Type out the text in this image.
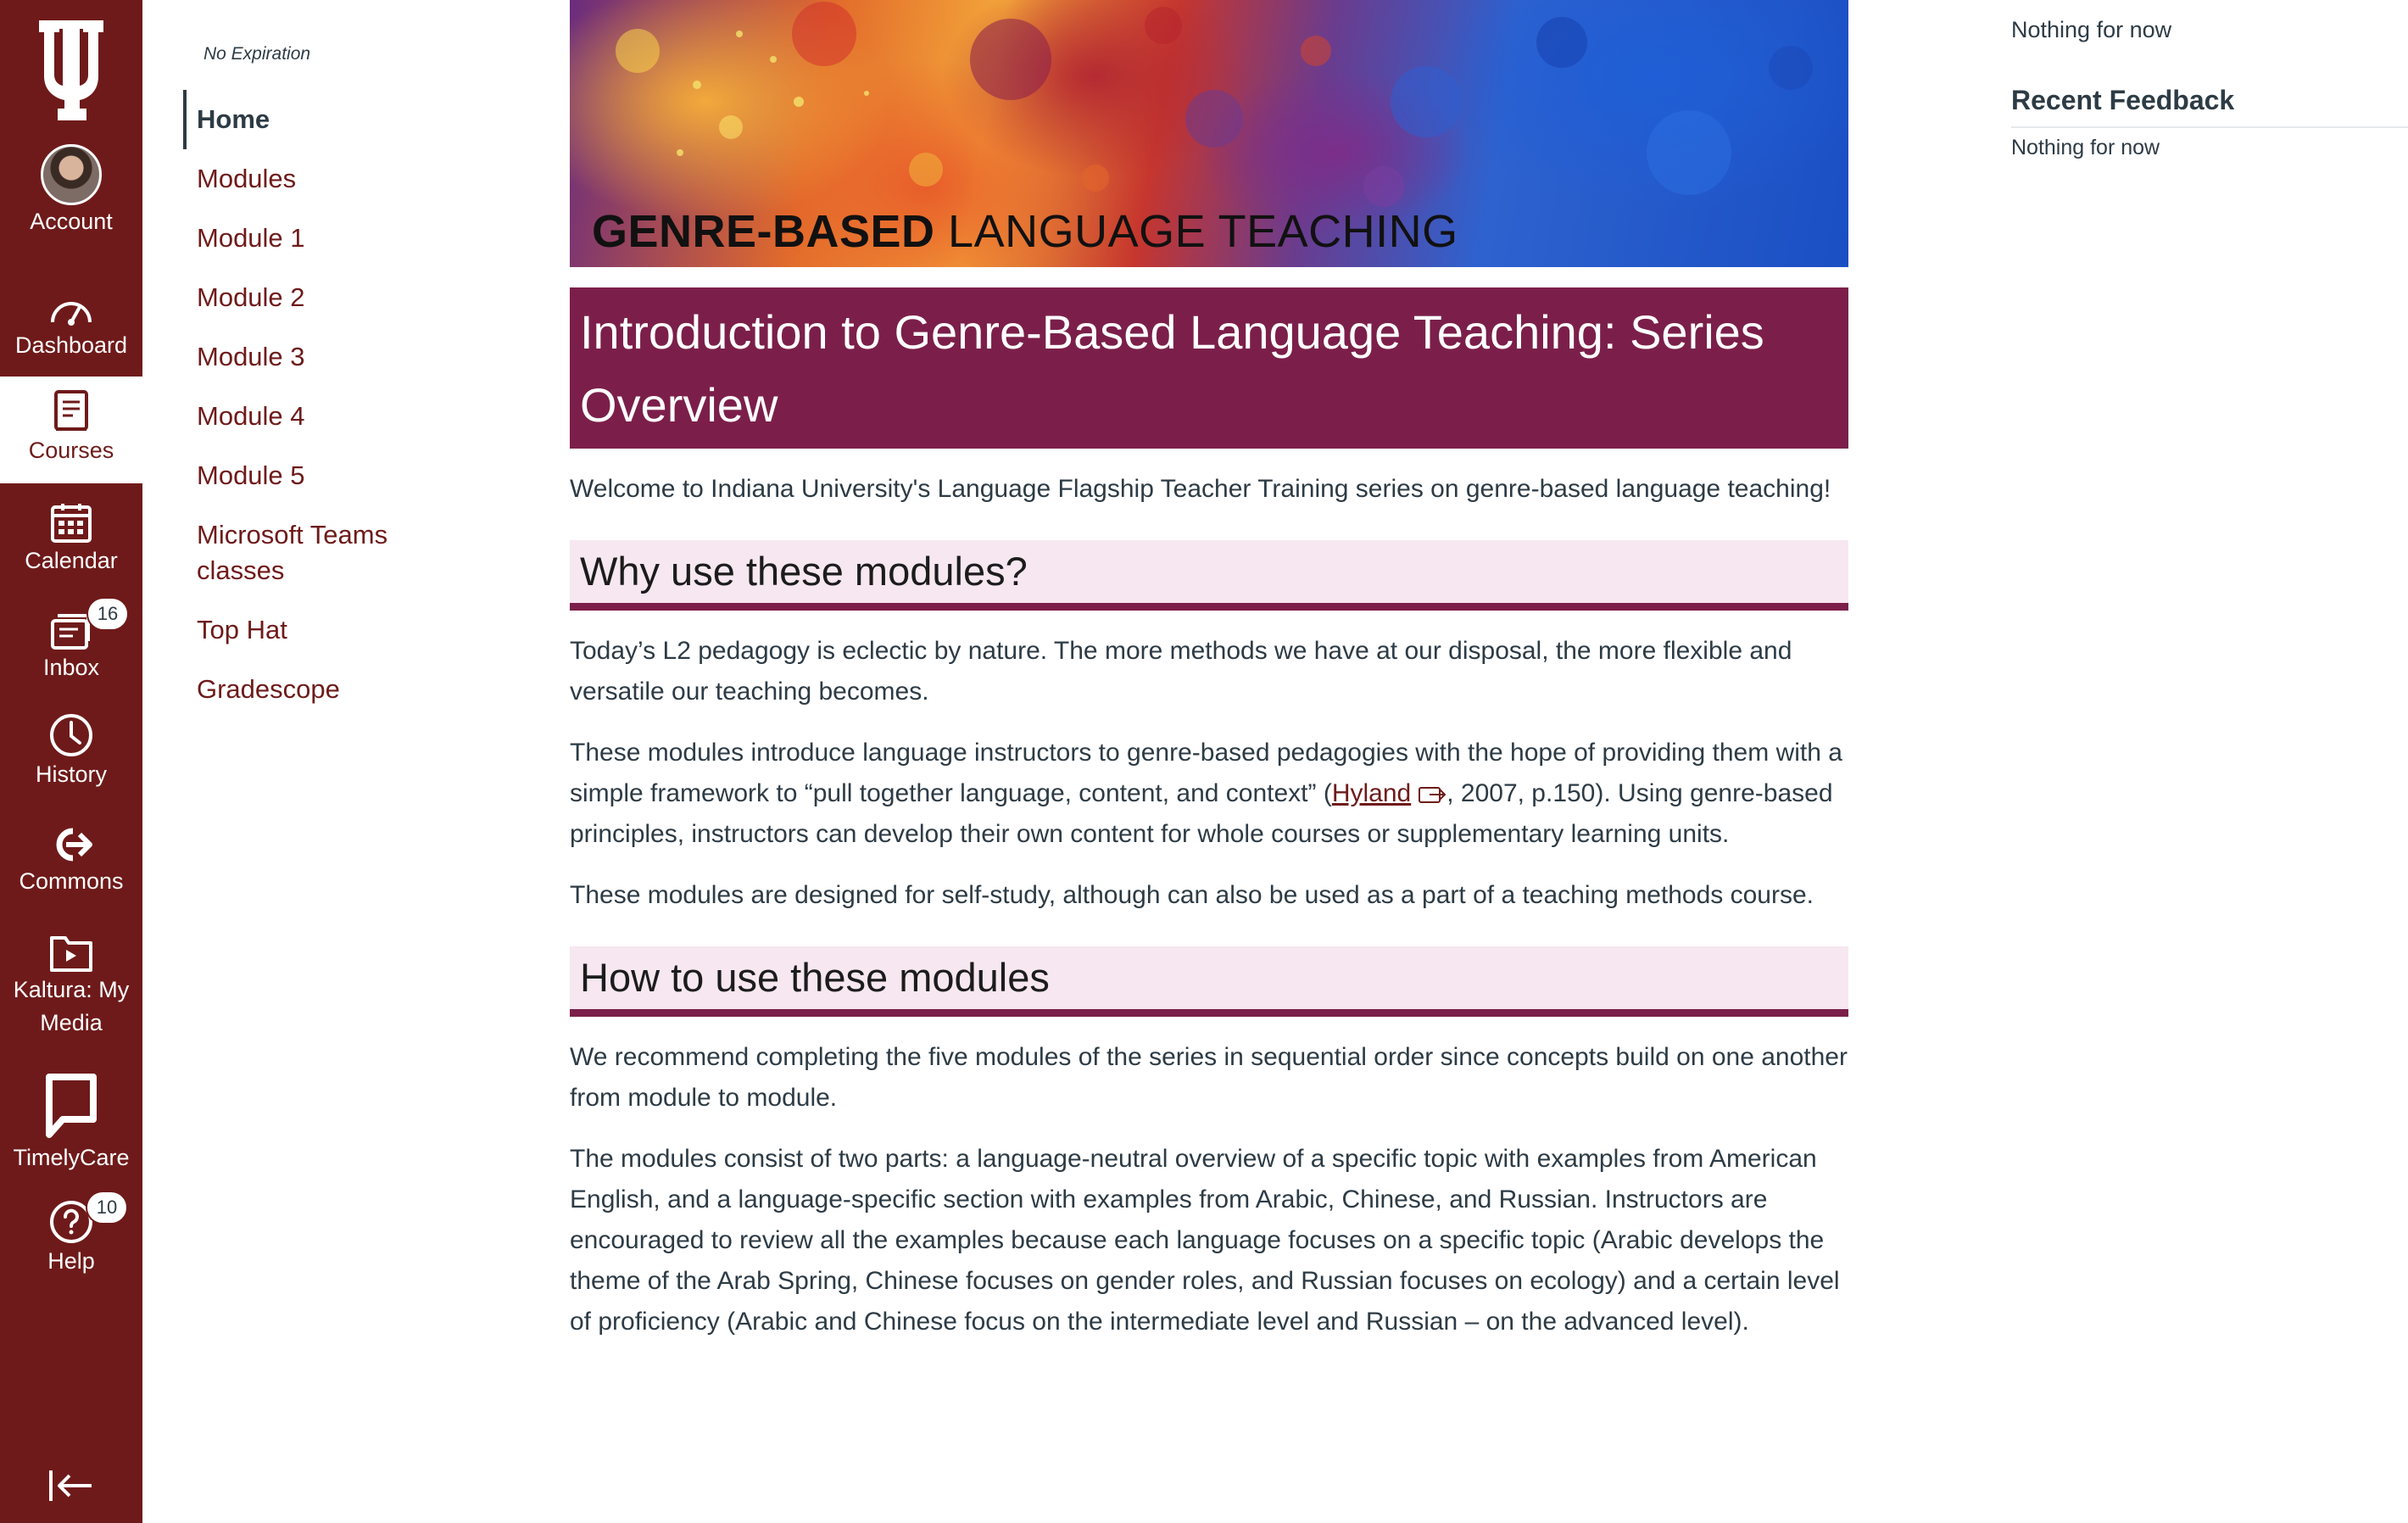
Account
Dashboard
Courses
Calendar
16
Inbox
History
Commons
Kaltura: My Media
TimelyCare
10
Help
No Expiration
Home
Modules
Module 1
Module 2
Module 3
Module 4
Module 5
Microsoft Teams classes
Top Hat
Gradescope
GENRE-BASED LANGUAGE TEACHING
Introduction to Genre-Based Language Teaching: Series Overview

Welcome to Indiana University's Language Flagship Teacher Training series on genre-based language teaching!

Why use these modules?

Today’s L2 pedagogy is eclectic by nature. The more methods we have at our disposal, the more flexible and versatile our teaching becomes.

These modules introduce language instructors to genre-based pedagogies with the hope of providing them with a simple framework to “pull together language, content, and context” (Hyland , 2007, p.150). Using genre-based principles, instructors can develop their own content for whole courses or supplementary learning units.

These modules are designed for self-study, although can also be used as a part of a teaching methods course.

How to use these modules

We recommend completing the five modules of the series in sequential order since concepts build on one another from module to module.

The modules consist of two parts: a language-neutral overview of a specific topic with examples from American English, and a language-specific section with examples from Arabic, Chinese, and Russian. Instructors are encouraged to review all the examples because each language focuses on a specific topic (Arabic develops the theme of the Arab Spring, Chinese focuses on gender roles, and Russian focuses on ecology) and a certain level of proficiency (Arabic and Chinese focus on the intermediate level and Russian – on the advanced level).

Nothing for now
Recent Feedback
Nothing for now
